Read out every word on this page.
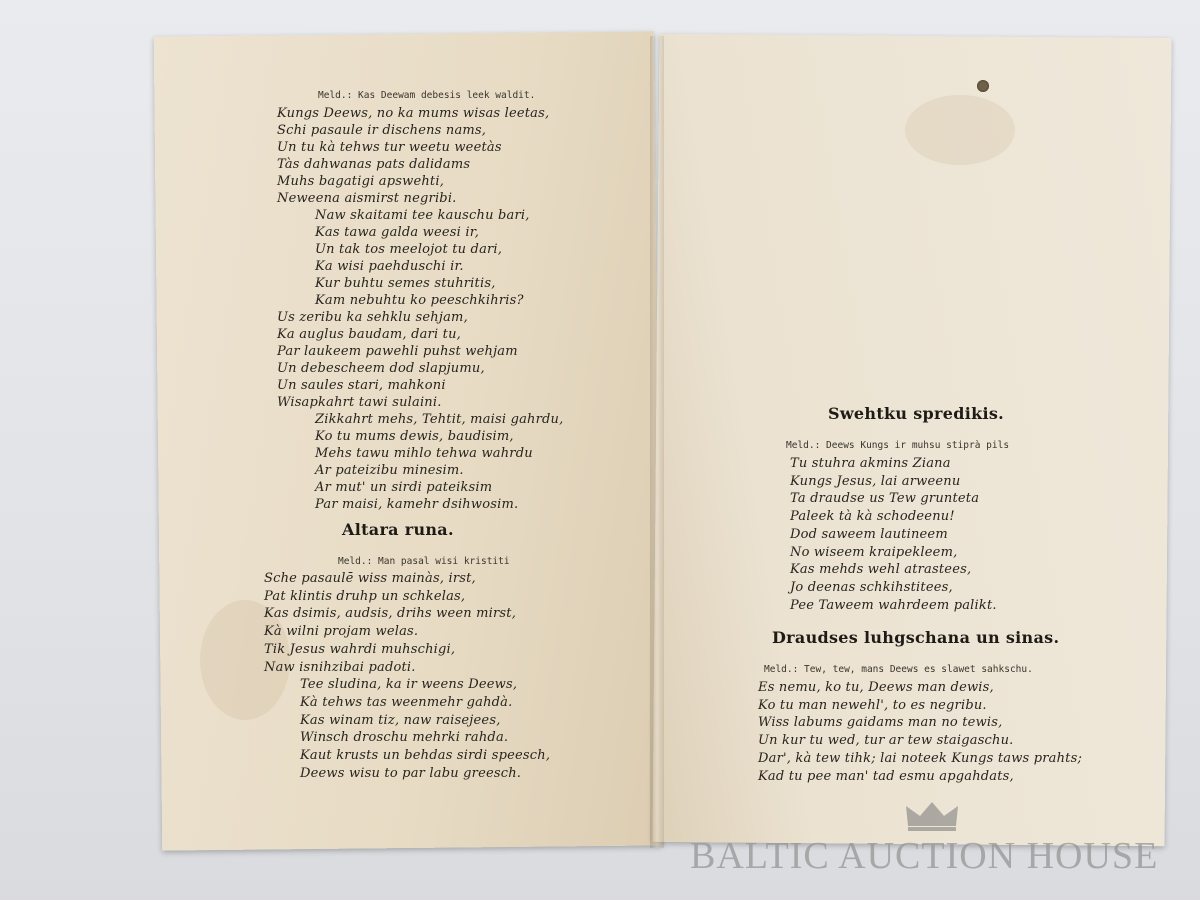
Meld.: Kas Deewam debesis leek waldit.
Kungs Deews, no ka mums wisas leetas,
Schi pasaule ir dischens nams,
Un tu kà tehws tur weetu weetàs
Tàs dahwanas pats dalidams
Muhs bagatigi apswehti,
Neweena aismirst negribi.
Naw skaitami tee kauschu bari,
Kas tawa galda weesi ir,
Un tak tos meelojot tu dari,
Ka wisi paehduschi ir.
Kur buhtu semes stuhritis,
Kam nebuhtu ko peeschkihris?
Us zeribu ka sehklu sehjam,
Ka auglus baudam, dari tu,
Par laukeem pawehli puhst wehjam
Un debescheem dod slapjumu,
Un saules stari, mahkoni
Wisapkahrt tawi sulaini.
Zikkahrt mehs, Tehtit, maisi gahrdu,
Ko tu mums dewis, baudisim,
Mehs tawu mihlo tehwa wahrdu
Ar pateizibu minesim.
Ar mut' un sirdi pateiksim
Par maisi, kamehr dsihwosim.
Altara runa.
Meld.: Man pasal wisi kristiti
Sche pasaulē wiss mainàs, irst,
Pat klintis druhp un schkelas,
Kas dsimis, audsis, drihs ween mirst,
Kà wilni projam welas.
Tik Jesus wahrdi muhschigi,
Naw isnihzibai padoti.
Tee sludina, ka ir weens Deews,
Kà tehws tas weenmehr gahdà.
Kas winam tiz, naw raisejees,
Winsch droschu mehrki rahda.
Kaut krusts un behdas sirdi speesch,
Deews wisu to par labu greesch.
Swehtku spredikis.
Meld.: Deews Kungs ir muhsu stiprà pils
Tu stuhra akmins Ziana
Kungs Jesus, lai arweenu
Ta draudse us Tew grunteta
Paleek tà kà schodeenu!
Dod saweem lautineem
No wiseem kraipekleem,
Kas mehds wehl atrastees,
Jo deenas schkihstitees,
Pee Taweem wahrdeem palikt.
Draudses luhgschana un sinas.
Meld.: Tew, tew, mans Deews es slawet sahkschu.
Es nemu, ko tu, Deews man dewis,
Ko tu man newehl', to es negribu.
Wiss labums gaidams man no tewis,
Un kur tu wed, tur ar tew staigaschu.
Dar', kà tew tihk; lai noteek Kungs taws prahts;
Kad tu pee man' tad esmu apgahdats,
BALTIC AUCTION HOUSE
